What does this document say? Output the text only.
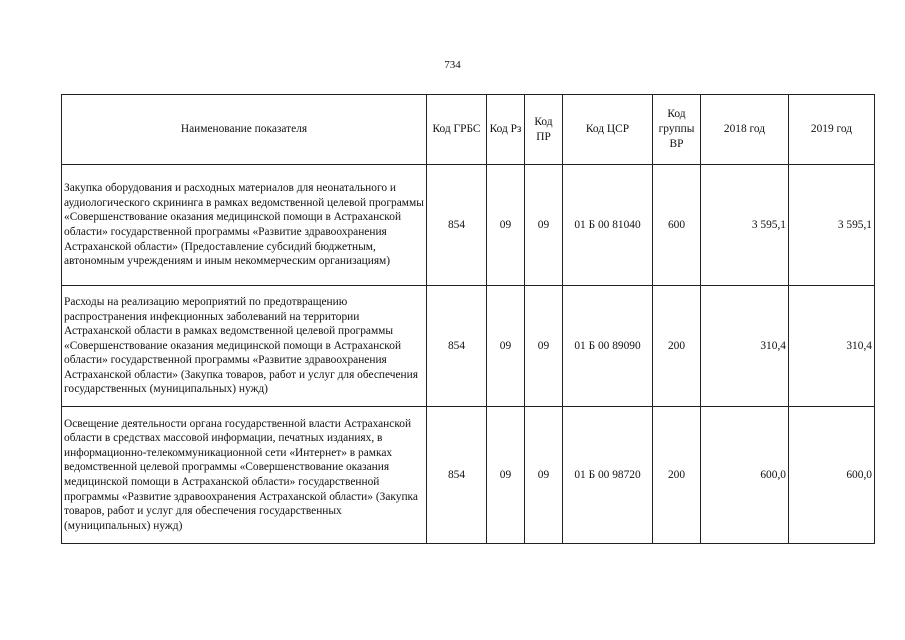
734
Наименование показателя	Код ГРБС	Код Рз	Код ПР	Код ЦСР	Код группы ВР	2018 год	2019 год
Закупка оборудования и расходных материалов для неонатального и аудиологического скрининга в рамках ведомственной целевой программы «Совершенствование оказания медицинской помощи в Астраханской области» государственной программы «Развитие здравоохранения Астраханской области» (Предоставление субсидий бюджетным, автономным учреждениям и иным некоммерческим организациям)	854	09	09	01 Б 00 81040	600	3 595,1	3 595,1
Расходы на реализацию мероприятий по предотвращению распространения инфекционных заболеваний на территории Астраханской области в рамках ведомственной целевой программы «Совершенствование оказания медицинской помощи в Астраханской области» государственной программы «Развитие здравоохранения Астраханской области» (Закупка товаров, работ и услуг для обеспечения государственных (муниципальных) нужд)	854	09	09	01 Б 00 89090	200	310,4	310,4
Освещение деятельности органа государственной власти Астраханской области в средствах массовой информации, печатных изданиях, в информационно-телекоммуникационной сети «Интернет» в рамках ведомственной целевой программы «Совершенствование оказания медицинской помощи в Астраханской области» государственной программы «Развитие здравоохранения Астраханской области» (Закупка товаров, работ и услуг для обеспечения государственных (муниципальных) нужд)	854	09	09	01 Б 00 98720	200	600,0	600,0
